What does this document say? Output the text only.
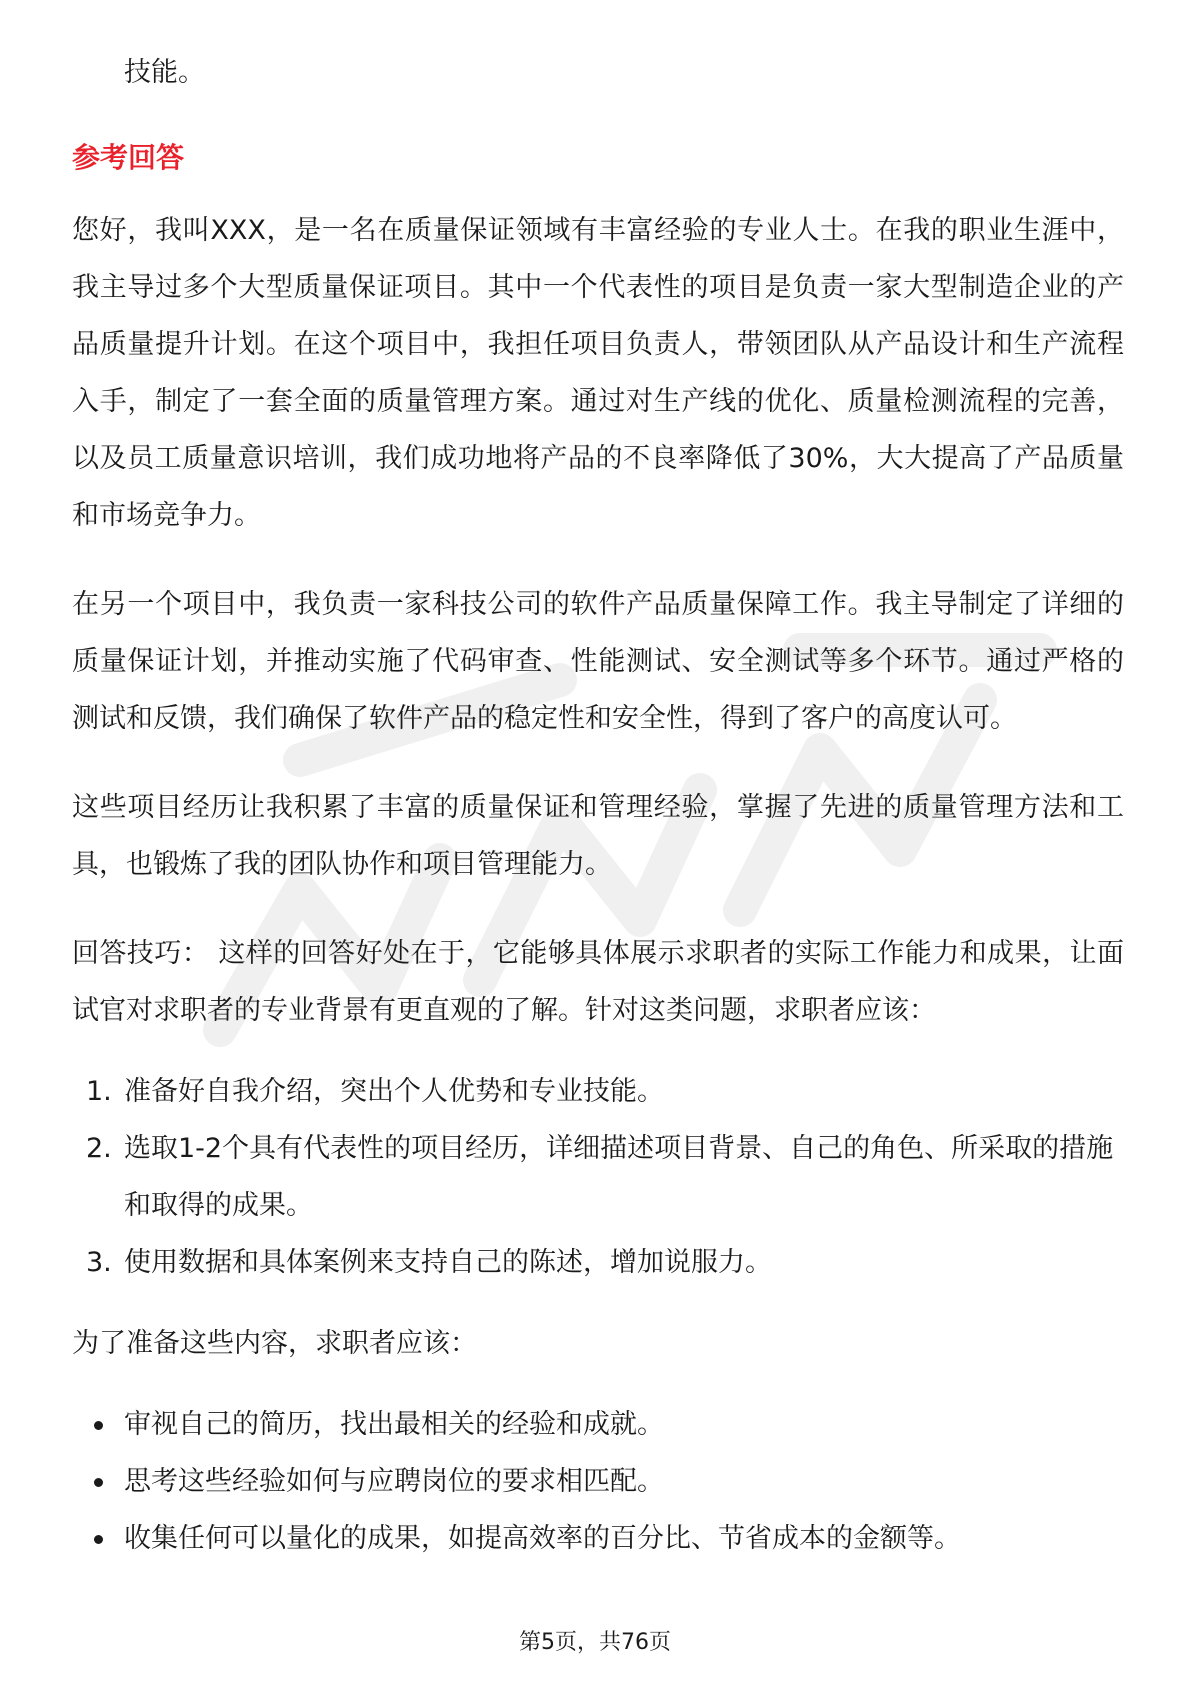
技能。

参考回答

您好，我叫XXX，是一名在质量保证领域有丰富经验的专业人士。在我的职业生涯中，我主导过多个大型质量保证项目。其中一个代表性的项目是负责一家大型制造企业的产品质量提升计划。在这个项目中，我担任项目负责人，带领团队从产品设计和生产流程入手，制定了一套全面的质量管理方案。通过对生产线的优化、质量检测流程的完善，以及员工质量意识培训，我们成功地将产品的不良率降低了30%，大大提高了产品质量和市场竞争力。

在另一个项目中，我负责一家科技公司的软件产品质量保障工作。我主导制定了详细的质量保证计划，并推动实施了代码审查、性能测试、安全测试等多个环节。通过严格的测试和反馈，我们确保了软件产品的稳定性和安全性，得到了客户的高度认可。

这些项目经历让我积累了丰富的质量保证和管理经验，掌握了先进的质量管理方法和工具，也锻炼了我的团队协作和项目管理能力。

回答技巧： 这样的回答好处在于，它能够具体展示求职者的实际工作能力和成果，让面试官对求职者的专业背景有更直观的了解。针对这类问题，求职者应该：

1. 准备好自我介绍，突出个人优势和专业技能。
2. 选取1-2个具有代表性的项目经历，详细描述项目背景、自己的角色、所采取的措施和取得的成果。
3. 使用数据和具体案例来支持自己的陈述，增加说服力。

为了准备这些内容，求职者应该：

审视自己的简历，找出最相关的经验和成就。
思考这些经验如何与应聘岗位的要求相匹配。
收集任何可以量化的成果，如提高效率的百分比、节省成本的金额等。
第5页，共76页
